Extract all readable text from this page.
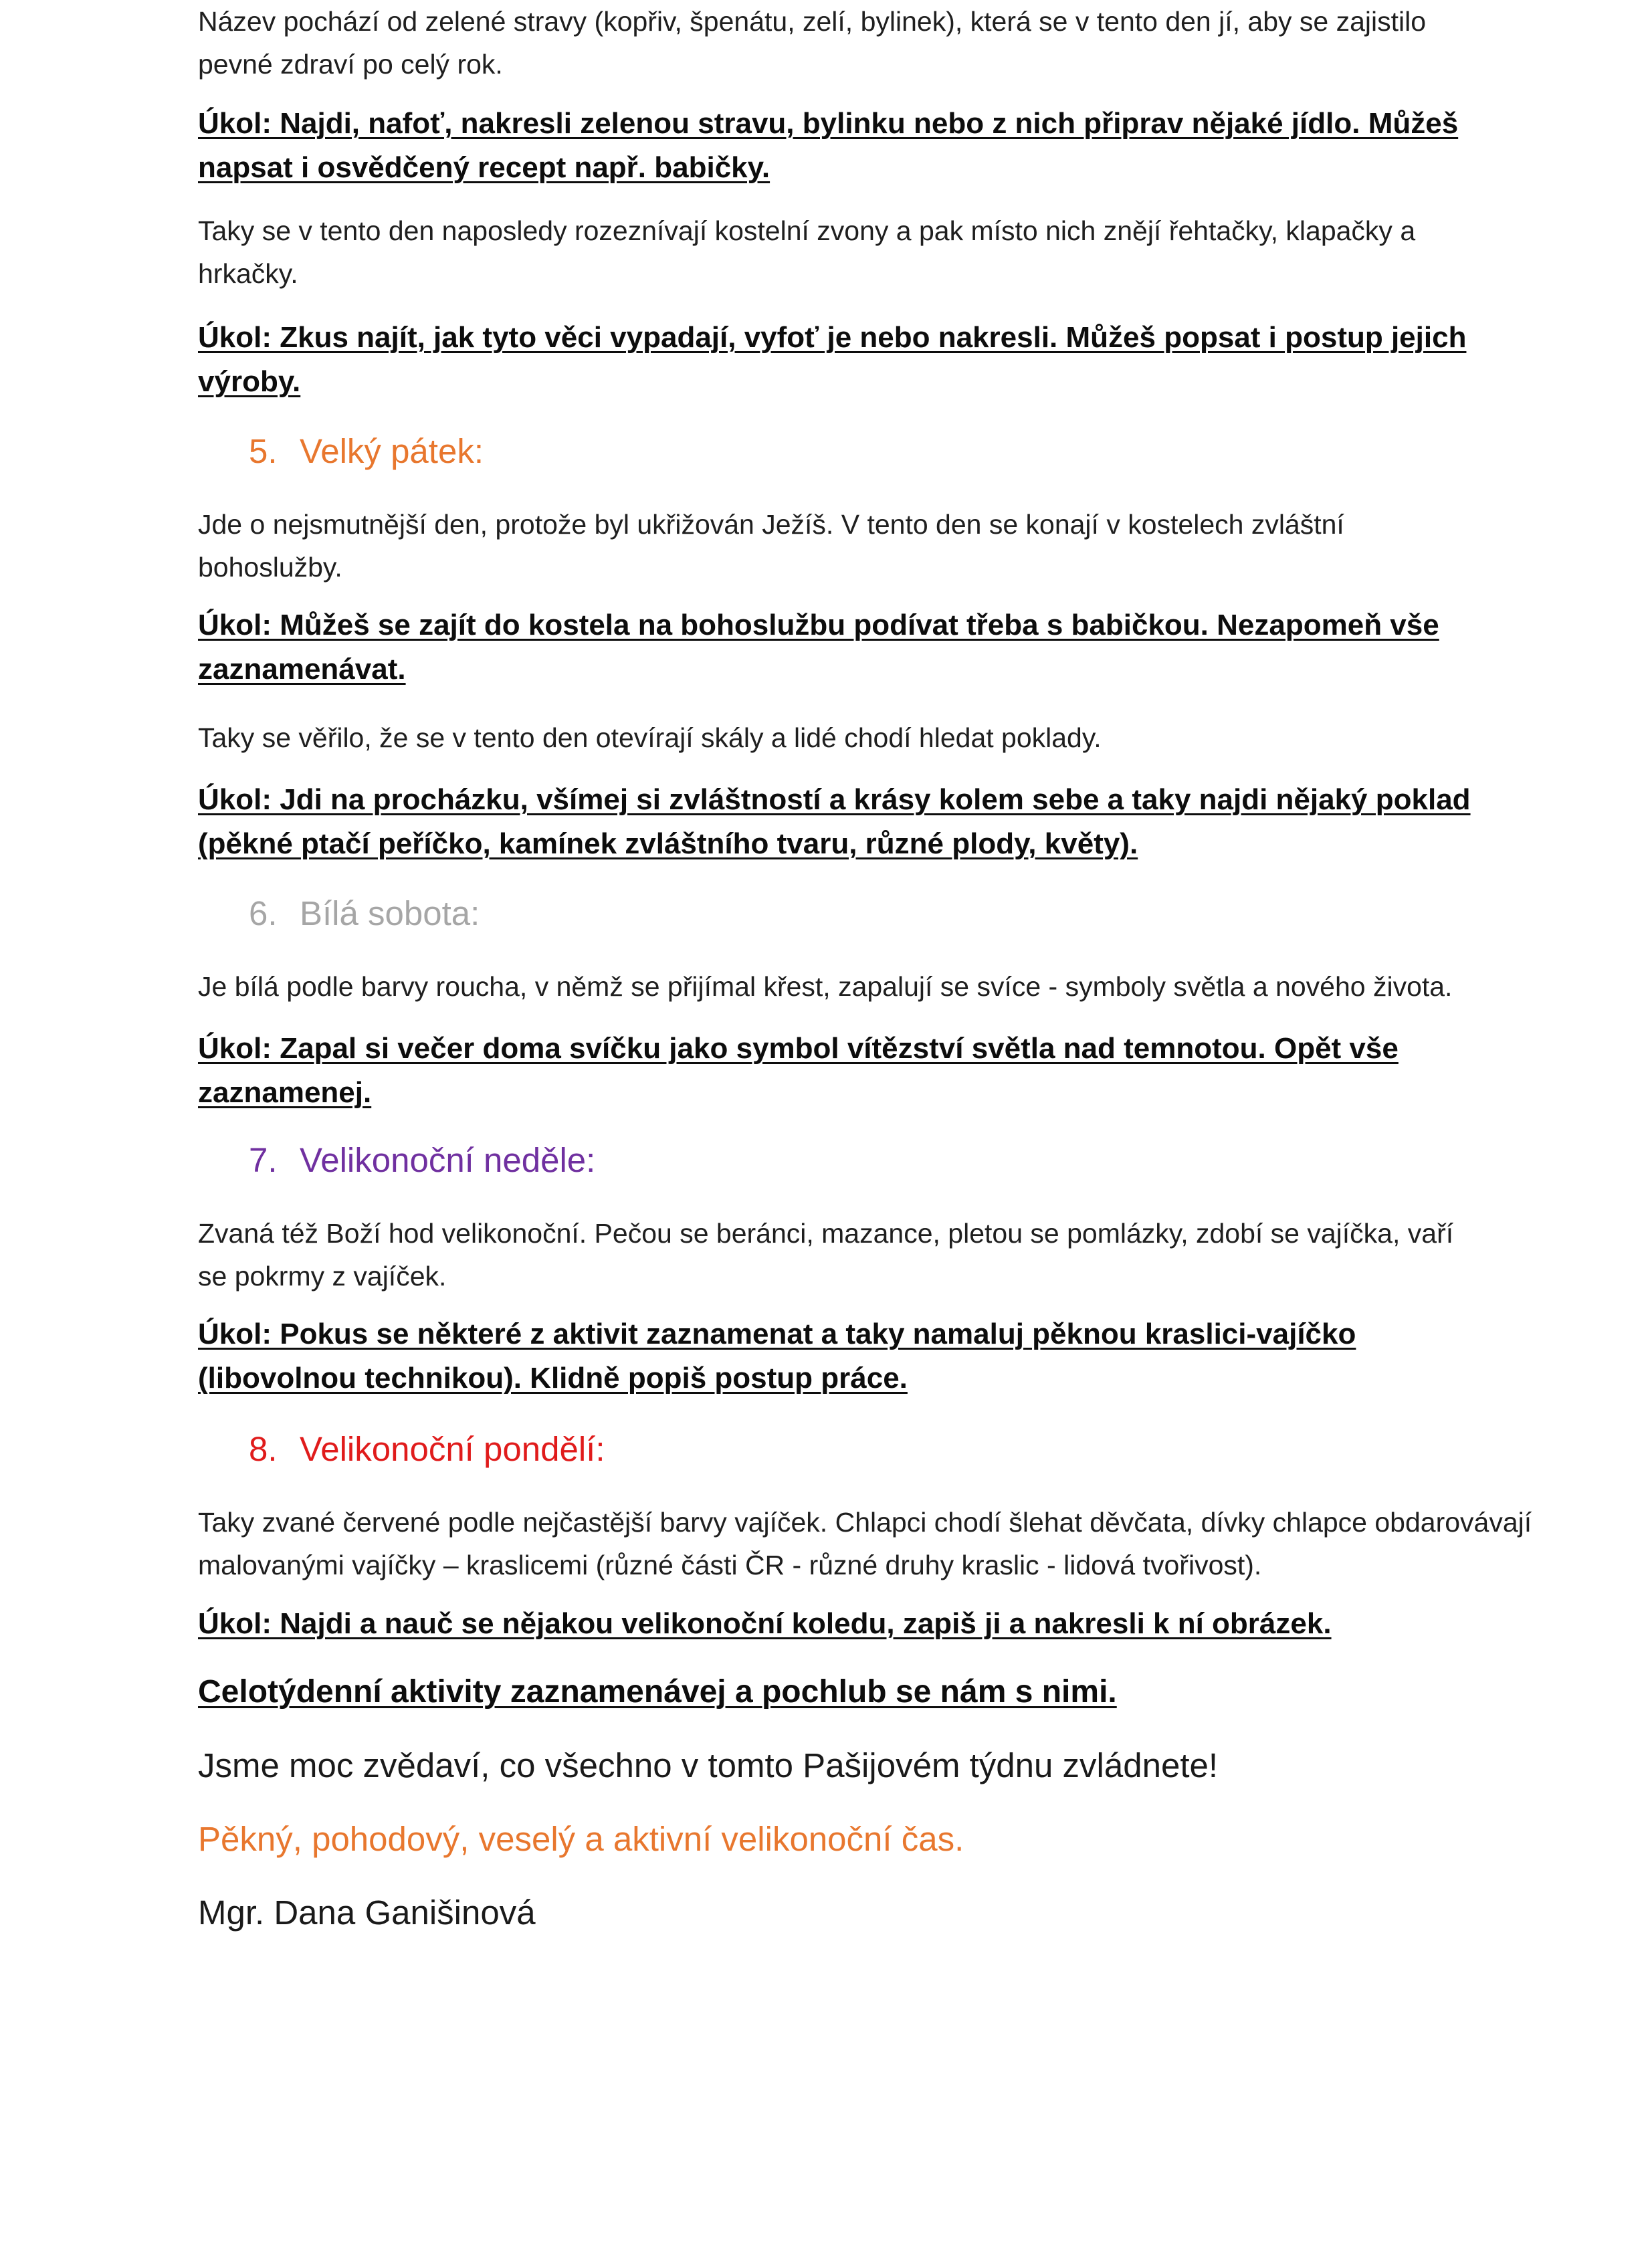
Název pochází od zelené stravy (kopřiv, špenátu, zelí, bylinek), která se v tento den jí, aby se zajistilo pevné zdraví po celý rok.

Úkol: Najdi, nafoť, nakresli zelenou stravu, bylinku nebo z nich připrav nějaké jídlo. Můžeš napsat i osvědčený recept např. babičky.

Taky se v tento den naposledy rozeznívají kostelní zvony a pak místo nich znějí řehtačky, klapačky a hrkačky.

Úkol: Zkus najít, jak tyto věci vypadají, vyfoť je nebo nakresli. Můžeš popsat i postup jejich výroby.

5. Velký pátek:

Jde o nejsmutnější den, protože byl ukřižován Ježíš. V tento den se konají v kostelech zvláštní bohoslužby.

Úkol: Můžeš se zajít do kostela na bohoslužbu podívat třeba s babičkou. Nezapomeň vše zaznamenávat.

Taky se věřilo, že se v tento den otevírají skály a lidé chodí hledat poklady.

Úkol: Jdi na procházku, všímej si zvláštností a krásy kolem sebe a taky najdi nějaký poklad (pěkné ptačí peříčko, kamínek zvláštního tvaru, různé plody, květy).

6. Bílá sobota:

Je bílá podle barvy roucha, v němž se přijímal křest, zapalují se svíce - symboly světla a nového života.

Úkol: Zapal si večer doma svíčku jako symbol vítězství světla nad temnotou. Opět vše zaznamenej.

7. Velikonoční neděle:

Zvaná též Boží hod velikonoční. Pečou se beránci, mazance, pletou se pomlázky, zdobí se vajíčka, vaří se pokrmy z vajíček.

Úkol: Pokus se některé z aktivit zaznamenat a taky namaluj pěknou kraslici-vajíčko (libovolnou technikou). Klidně popiš postup práce.

8. Velikonoční pondělí:

Taky zvané červené podle nejčastější barvy vajíček. Chlapci chodí šlehat děvčata, dívky chlapce obdarovávají malovanými vajíčky – kraslicemi (různé části ČR - různé druhy kraslic - lidová tvořivost).

Úkol: Najdi a nauč se nějakou velikonoční koledu, zapiš ji a nakresli k ní obrázek.

Celotýdenní aktivity zaznamenávej a pochlub se nám s nimi.

Jsme moc zvědaví, co všechno v tomto Pašijovém týdnu zvládnete!

Pěkný, pohodový, veselý a aktivní velikonoční čas.

Mgr. Dana Ganišinová
